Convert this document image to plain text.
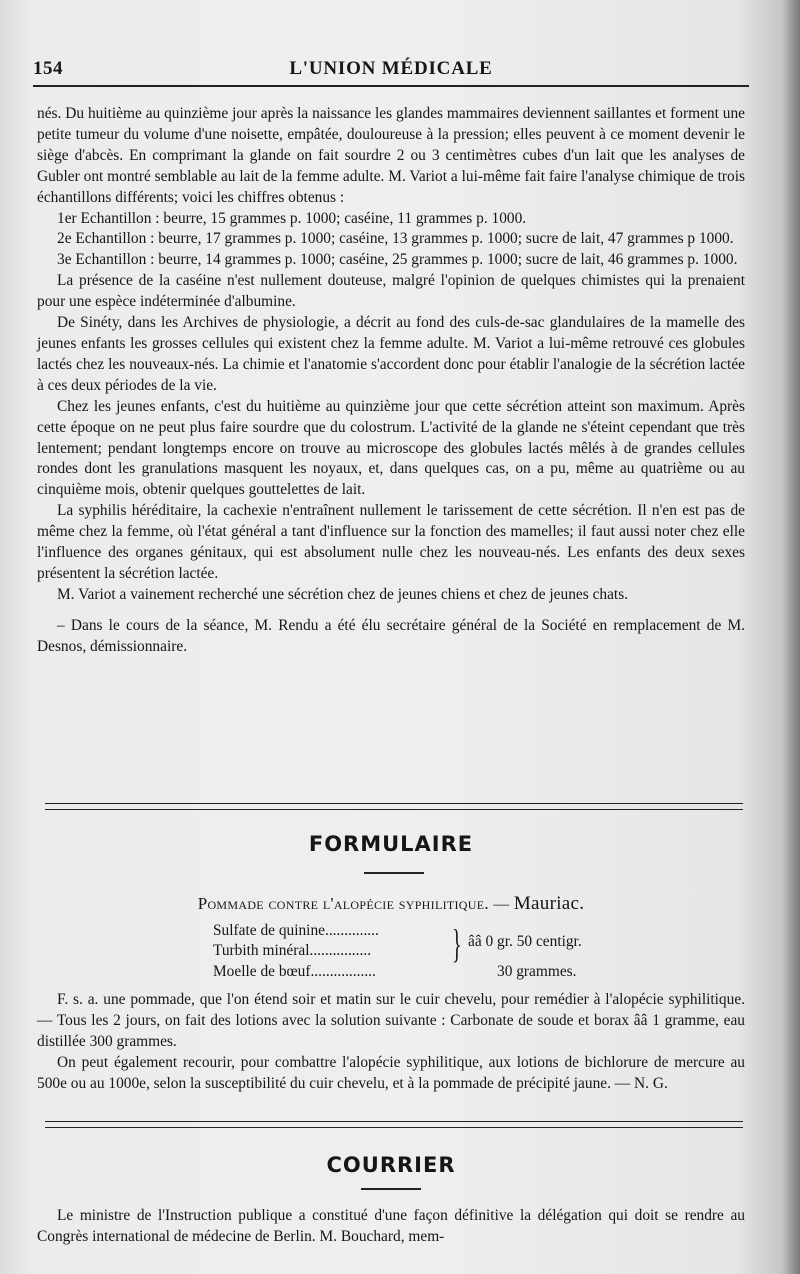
154	L'UNION MÉDICALE

nés. Du huitième au quinzième jour après la naissance les glandes mammaires deviennent saillantes et forment une petite tumeur du volume d'une noisette, empâtée, douloureuse à la pression; elles peuvent à ce moment devenir le siège d'abcès. En comprimant la glande on fait sourdre 2 ou 3 centimètres cubes d'un lait que les analyses de Gubler ont montré semblable au lait de la femme adulte. M. Variot a lui-même fait faire l'analyse chimique de trois échantillons différents; voici les chiffres obtenus :

1er Echantillon : beurre, 15 grammes p. 1000; caséine, 11 grammes p. 1000.

2e Echantillon : beurre, 17 grammes p. 1000; caséine, 13 grammes p. 1000; sucre de lait, 47 grammes p 1000.

3e Echantillon : beurre, 14 grammes p. 1000; caséine, 25 grammes p. 1000; sucre de lait, 46 grammes p. 1000.

La présence de la caséine n'est nullement douteuse, malgré l'opinion de quelques chimistes qui la prenaient pour une espèce indéterminée d'albumine.

De Sinéty, dans les Archives de physiologie, a décrit au fond des culs-de-sac glandulaires de la mamelle des jeunes enfants les grosses cellules qui existent chez la femme adulte. M. Variot a lui-même retrouvé ces globules lactés chez les nouveaux-nés. La chimie et l'anatomie s'accordent donc pour établir l'analogie de la sécrétion lactée à ces deux périodes de la vie.

Chez les jeunes enfants, c'est du huitième au quinzième jour que cette sécrétion atteint son maximum. Après cette époque on ne peut plus faire sourdre que du colostrum. L'activité de la glande ne s'éteint cependant que très lentement; pendant longtemps encore on trouve au microscope des globules lactés mêlés à de grandes cellules rondes dont les granulations masquent les noyaux, et, dans quelques cas, on a pu, même au quatrième ou au cinquième mois, obtenir quelques gouttelettes de lait.

La syphilis héréditaire, la cachexie n'entraînent nullement le tarissement de cette sécrétion. Il n'en est pas de même chez la femme, où l'état général a tant d'influence sur la fonction des mamelles; il faut aussi noter chez elle l'influence des organes génitaux, qui est absolument nulle chez les nouveau-nés. Les enfants des deux sexes présentent la sécrétion lactée.

M. Variot a vainement recherché une sécrétion chez de jeunes chiens et chez de jeunes chats.

– Dans le cours de la séance, M. Rendu a été élu secrétaire général de la Société en remplacement de M. Desnos, démissionnaire.

FORMULAIRE
Pommade contre l'alopécie syphilitique. — Mauriac.
Sulfate de quinine..............
Turbith minéral................ } ââ 0 gr. 50 centigr.
Moelle de bœuf.................	30 grammes.

F. s. a. une pommade, que l'on étend soir et matin sur le cuir chevelu, pour remédier à l'alopécie syphilitique. — Tous les 2 jours, on fait des lotions avec la solution suivante : Carbonate de soude et borax ââ 1 gramme, eau distillée 300 grammes.

On peut également recourir, pour combattre l'alopécie syphilitique, aux lotions de bichlorure de mercure au 500e ou au 1000e, selon la susceptibilité du cuir chevelu, et à la pommade de précipité jaune. — N. G.

COURRIER

Le ministre de l'Instruction publique a constitué d'une façon définitive la délégation qui doit se rendre au Congrès international de médecine de Berlin. M. Bouchard, mem-
